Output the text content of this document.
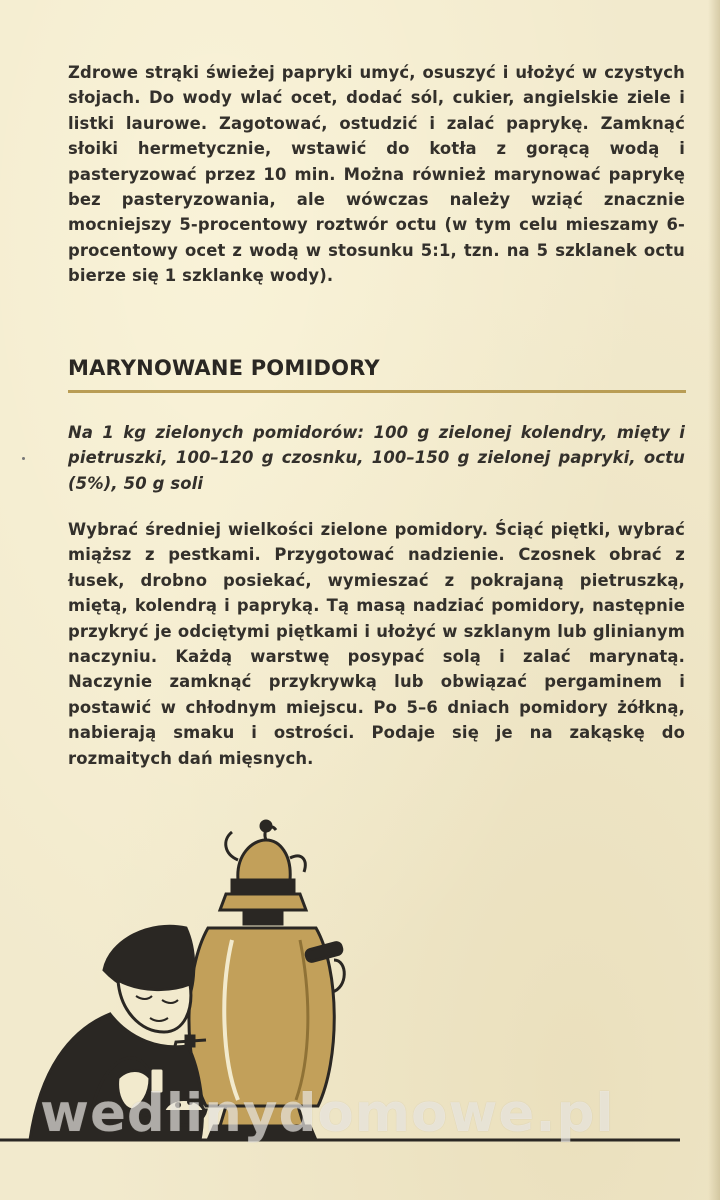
Zdrowe strąki świeżej papryki umyć, osuszyć i ułożyć w czystych słojach. Do wody wlać ocet, dodać sól, cukier, angielskie ziele i listki laurowe. Zagotować, ostudzić i zalać paprykę. Zamknąć słoiki hermetycznie, wstawić do kotła z gorącą wodą i pasteryzować przez 10 min. Można również marynować paprykę bez pasteryzowania, ale wówczas należy wziąć znacznie mocniejszy 5-procentowy roztwór octu (w tym celu mieszamy 6-procentowy ocet z wodą w stosunku 5:1, tzn. na 5 szklanek octu bierze się 1 szklankę wody).

MARYNOWANE POMIDORY

Na 1 kg zielonych pomidorów: 100 g zielonej kolendry, mięty i pietruszki, 100–120 g czosnku, 100–150 g zielonej papryki, octu (5%), 50 g soli

Wybrać średniej wielkości zielone pomidory. Ściąć piętki, wybrać miąższ z pestkami. Przygotować nadzienie. Czosnek obrać z łusek, drobno posiekać, wymieszać z pokrajaną pietruszką, miętą, kolendrą i papryką. Tą masą nadziać pomidory, następnie przykryć je odciętymi piętkami i ułożyć w szklanym lub glinianym naczyniu. Każdą warstwę posypać solą i zalać marynatą. Naczynie zamknąć przykrywką lub obwiązać pergaminem i postawić w chłodnym miejscu. Po 5–6 dniach pomidory żółkną, nabierają smaku i ostrości. Podaje się je na zakąskę do rozmaitych dań mięsnych.

wedlinydomowe.pl
